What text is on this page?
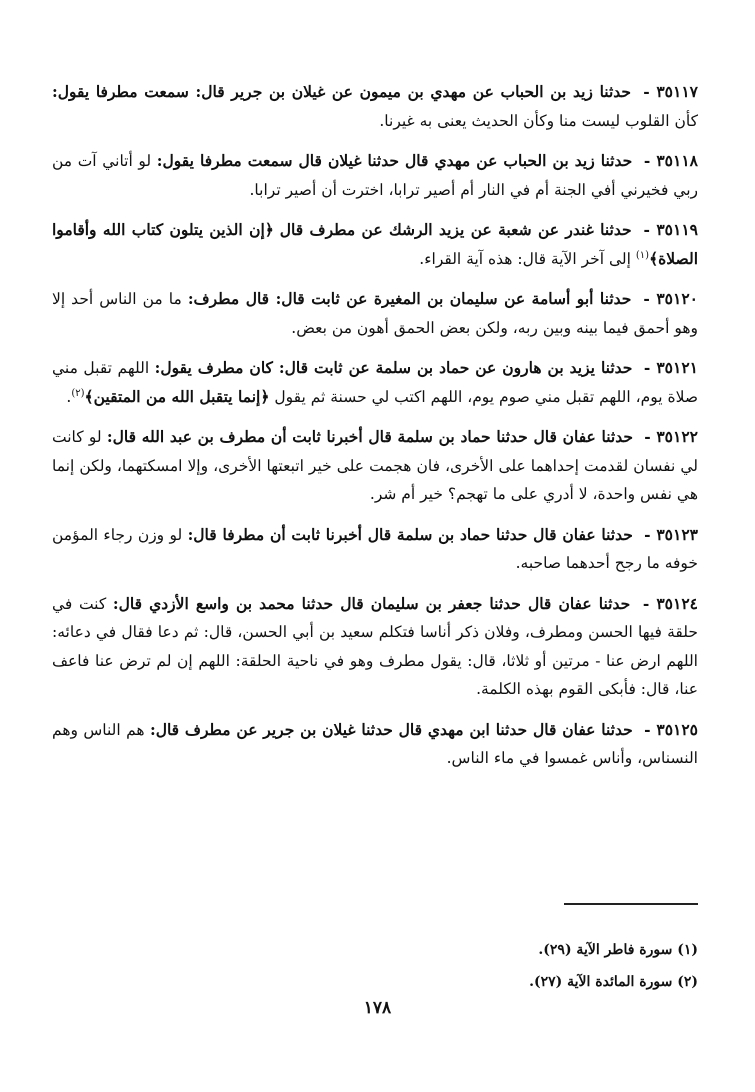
٣٥١١٧ - حدثنا زيد بن الحباب عن مهدي بن ميمون عن غيلان بن جرير قال: سمعت مطرفا يقول: كأن القلوب ليست منا وكأن الحديث يعنى به غيرنا.

٣٥١١٨ - حدثنا زيد بن الحباب عن مهدي قال حدثنا غيلان قال سمعت مطرفا يقول: لو أتاني آت من ربي فخيرني أفي الجنة أم في النار أم أصير ترابا، اخترت أن أصير ترابا.

٣٥١١٩ - حدثنا غندر عن شعبة عن يزيد الرشك عن مطرف قال ﴿إن الذين يتلون كتاب الله وأقاموا الصلاة﴾$^{(١)}$ إلى آخر الآية قال: هذه آية القراء.

٣٥١٢٠ - حدثنا أبو أسامة عن سليمان بن المغيرة عن ثابت قال: قال مطرف: ما من الناس أحد إلا وهو أحمق فيما بينه وبين ربه، ولكن بعض الحمق أهون من بعض.

٣٥١٢١ - حدثنا يزيد بن هارون عن حماد بن سلمة عن ثابت قال: كان مطرف يقول: اللهم تقبل مني صلاة يوم، اللهم تقبل مني صوم يوم، اللهم اكتب لي حسنة ثم يقول ﴿إنما يتقبل الله من المتقين﴾$^{(٢)}$.

٣٥١٢٢ - حدثنا عفان قال حدثنا حماد بن سلمة قال أخبرنا ثابت أن مطرف بن عبد الله قال: لو كانت لي نفسان لقدمت إحداهما على الأخرى، فان هجمت على خير اتبعتها الأخرى، وإلا امسكتهما، ولكن إنما هي نفس واحدة، لا أدري على ما تهجم؟ خير أم شر.

٣٥١٢٣ - حدثنا عفان قال حدثنا حماد بن سلمة قال أخبرنا ثابت أن مطرفا قال: لو وزن رجاء المؤمن خوفه ما رجح أحدهما صاحبه.

٣٥١٢٤ - حدثنا عفان قال حدثنا جعفر بن سليمان قال حدثنا محمد بن واسع الأزدي قال: كنت في حلقة فيها الحسن ومطرف، وفلان ذكر أناسا فتكلم سعيد بن أبي الحسن، قال: ثم دعا فقال في دعائه: اللهم ارض عنا - مرتين أو ثلاثا، قال: يقول مطرف وهو في ناحية الحلقة: اللهم إن لم ترض عنا فاعف عنا، قال: فأبكى القوم بهذه الكلمة.

٣٥١٢٥ - حدثنا عفان قال حدثنا ابن مهدي قال حدثنا غيلان بن جرير عن مطرف قال: هم الناس وهم النسناس، وأناس غمسوا في ماء الناس.

(١) سورة فاطر الآية (٢٩).

(٢) سورة المائدة الآية (٢٧).

١٧٨
